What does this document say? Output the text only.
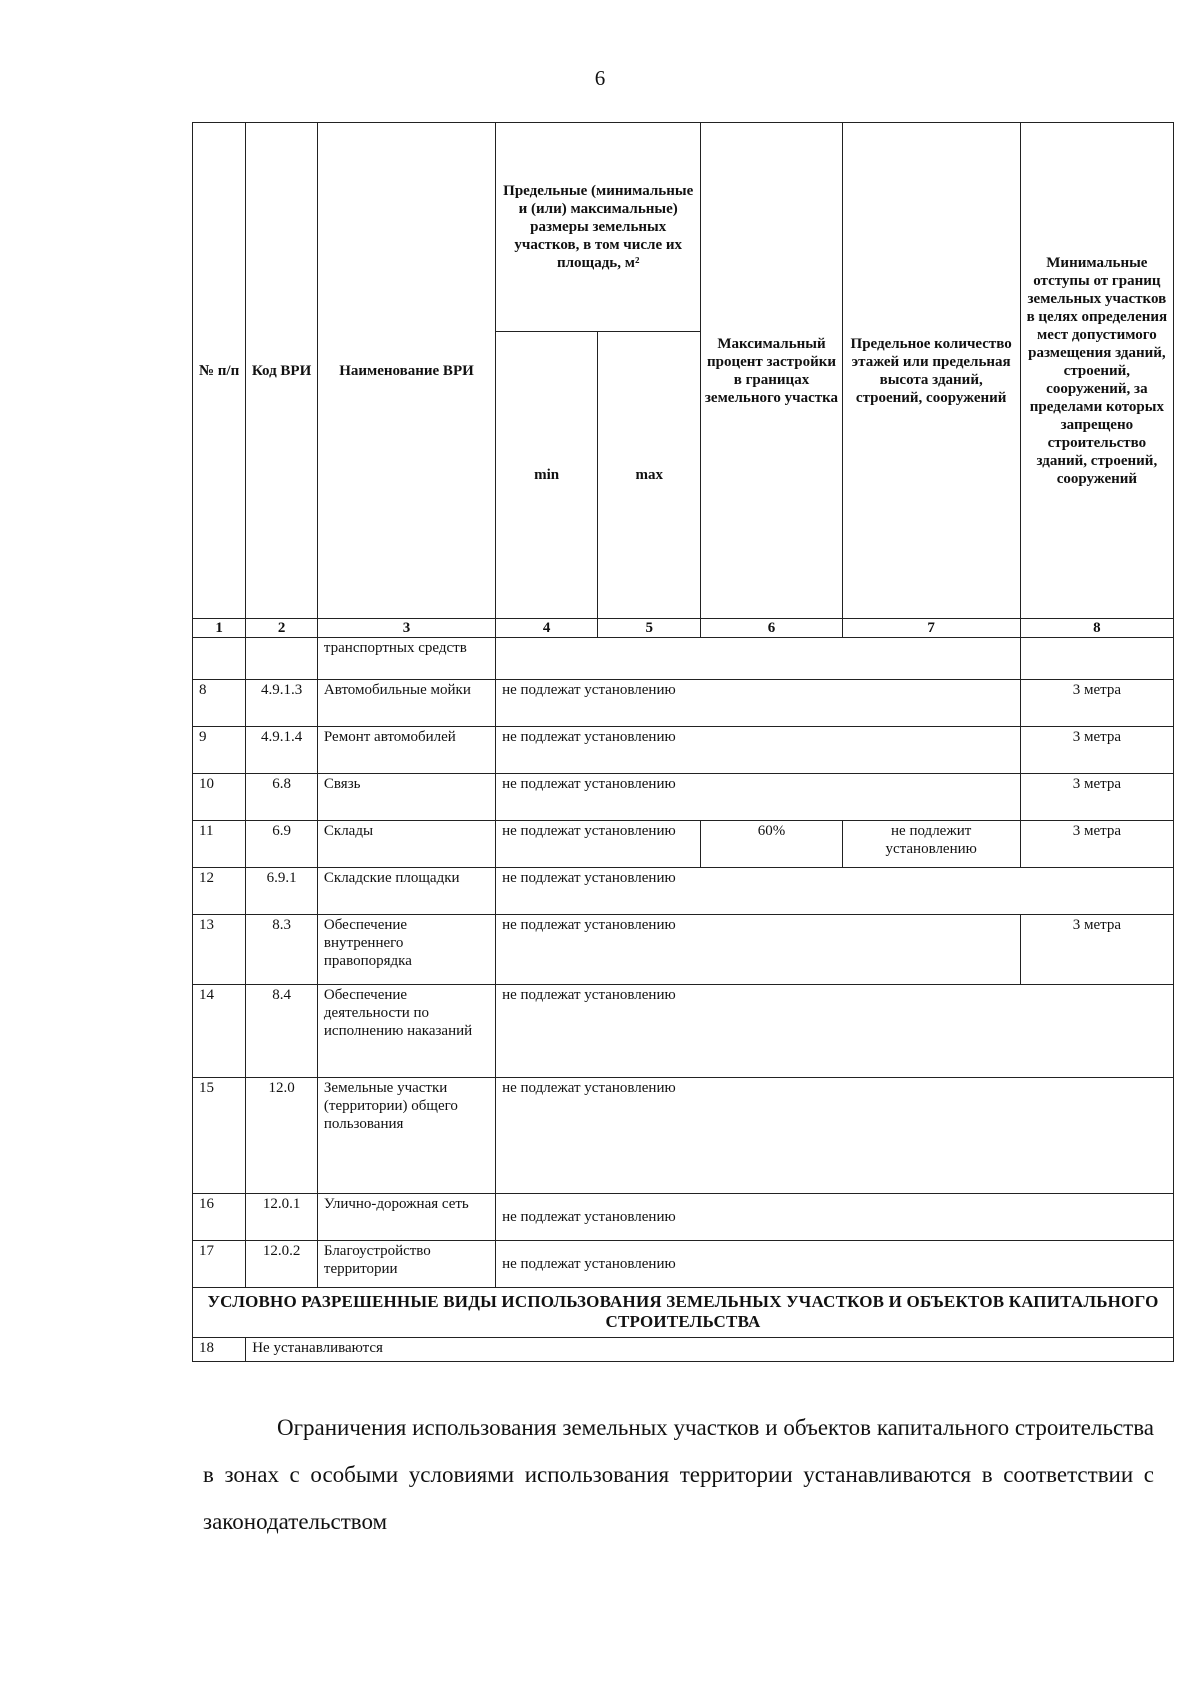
6
№ п/п	Код ВРИ	Наименование ВРИ	Предельные (минимальные и (или) максимальные) размеры земельных участков, в том числе их площадь, м²		Максимальный процент застройки в границах земельного участка	Предельное количество этажей или предельная высота зданий, строений, сооружений	Минимальные отступы от границ земельных участков в целях определения мест допустимого размещения зданий, строений, сооружений, за пределами которых запрещено строительство зданий, строений, сооружений
			min	max			
1	2	3	4	5	6	7	8
		транспортных средств					
8	4.9.1.3	Автомобильные мойки	не подлежат установлению				3 метра
9	4.9.1.4	Ремонт автомобилей	не подлежат установлению				3 метра
10	6.8	Связь	не подлежат установлению				3 метра
11	6.9	Склады	не подлежат установлению		60%	не подлежит установлению	3 метра
12	6.9.1	Складские площадки	не подлежат установлению				
13	8.3	Обеспечение внутреннего правопорядка	не подлежат установлению				3 метра
14	8.4	Обеспечение деятельности по исполнению наказаний	не подлежат установлению				
15	12.0	Земельные участки (территории) общего пользования	не подлежат установлению				
16	12.0.1	Улично-дорожная сеть	не подлежат установлению				
17	12.0.2	Благоустройство территории	не подлежат установлению				
УСЛОВНО РАЗРЕШЕННЫЕ ВИДЫ ИСПОЛЬЗОВАНИЯ ЗЕМЕЛЬНЫХ УЧАСТКОВ И ОБЪЕКТОВ КАПИТАЛЬНОГО СТРОИТЕЛЬСТВА							
18	Не устанавливаются						
Ограничения использования земельных участков и объектов капитального строительства в зонах с особыми условиями использования территории устанавливаются в соответствии с законодательством
